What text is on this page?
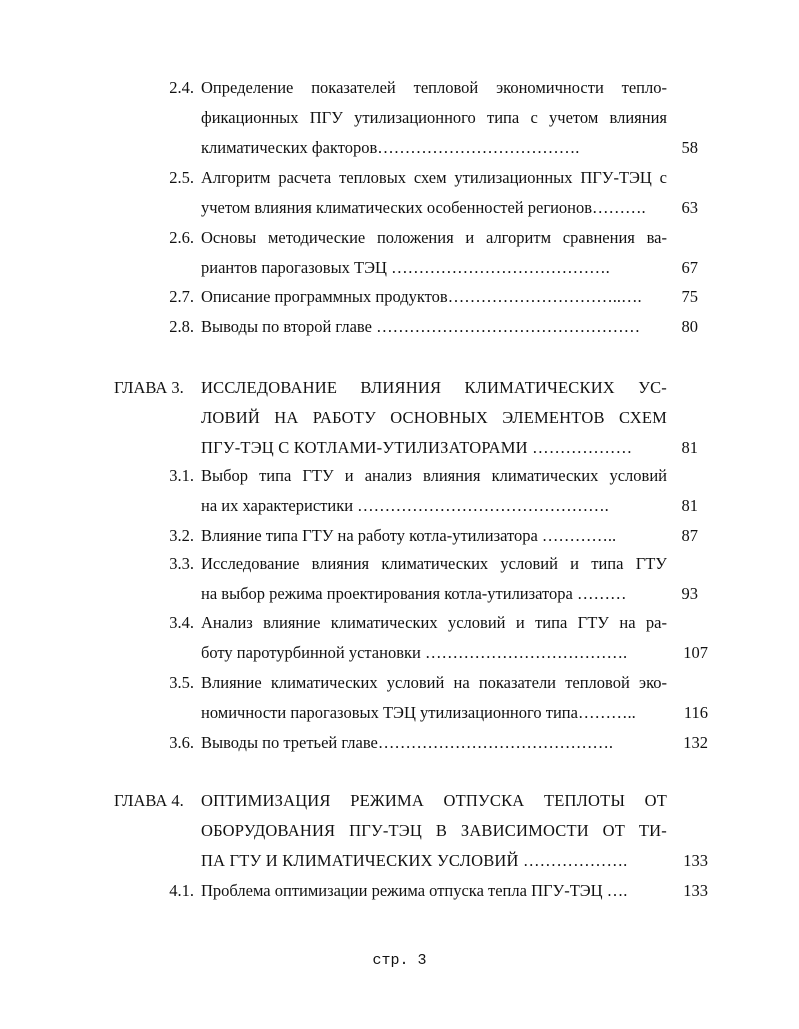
2.4. Определение показателей тепловой экономичности тепло-
фикационных ПГУ утилизационного типа с учетом влияния
климатических факторов……………………………….	58
2.5. Алгоритм расчета тепловых схем утилизационных ПГУ-ТЭЦ с
учетом влияния климатических особенностей регионов……….	63
2.6. Основы методические положения и алгоритм сравнения ва-
риантов парогазовых ТЭЦ ………………………………….	67
2.7. Описание программных продуктов…………………………..….	75
2.8. Выводы по второй главе …………………………………………	80
ГЛАВА 3.	ИССЛЕДОВАНИЕ ВЛИЯНИЯ КЛИМАТИЧЕСКИХ УС-
ЛОВИЙ НА РАБОТУ ОСНОВНЫХ ЭЛЕМЕНТОВ СХЕМ
ПГУ-ТЭЦ С КОТЛАМИ-УТИЛИЗАТОРАМИ ………………	81
3.1. Выбор типа ГТУ и анализ влияния климатических условий
на их характеристики ……………………………………….	81
3.2. Влияние типа ГТУ на работу котла-утилизатора …………..	87
3.3. Исследование влияния климатических условий и типа ГТУ
на выбор режима проектирования котла-утилизатора ………	93
3.4. Анализ влияние климатических условий и типа ГТУ на ра-
боту паротурбинной установки ……………………………….	107
3.5. Влияние климатических условий на показатели тепловой эко-
номичности парогазовых ТЭЦ утилизационного типа………..	116
3.6. Выводы по третьей главе…………………………………….	132
ГЛАВА 4.	ОПТИМИЗАЦИЯ РЕЖИМА ОТПУСКА ТЕПЛОТЫ ОТ
ОБОРУДОВАНИЯ ПГУ-ТЭЦ В ЗАВИСИМОСТИ ОТ ТИ-
ПА ГТУ И КЛИМАТИЧЕСКИХ УСЛОВИЙ ……………….	133
4.1. Проблема оптимизации режима отпуска тепла ПГУ-ТЭЦ ….	133
стр. 3
